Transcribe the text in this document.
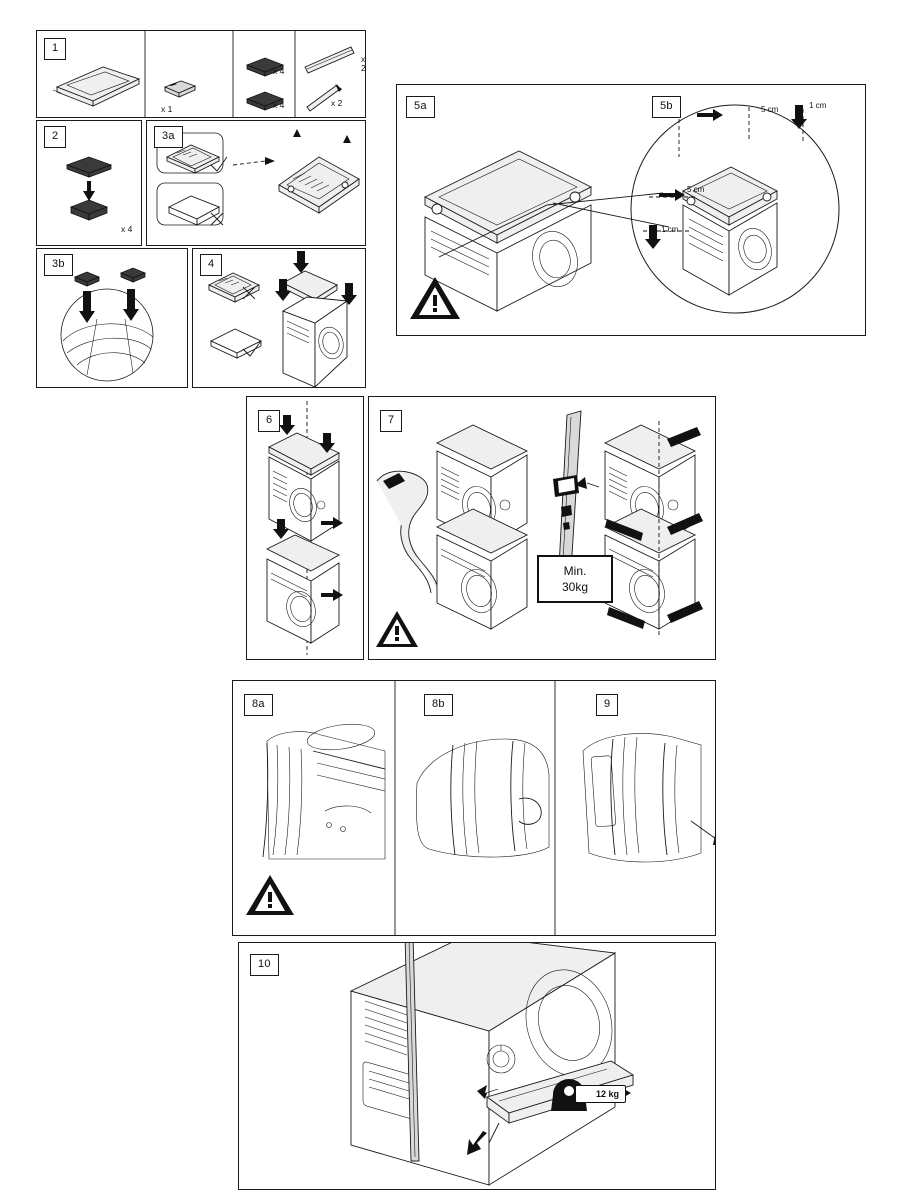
x 1
x 4
x 4
x 2
x 2
1
x 4
2	3a
3b	4
5 cm	1 cm
5 cm
1 cm
5a	5b
6
Min.
30kg
7
8a	8b	9
12 kg
10
